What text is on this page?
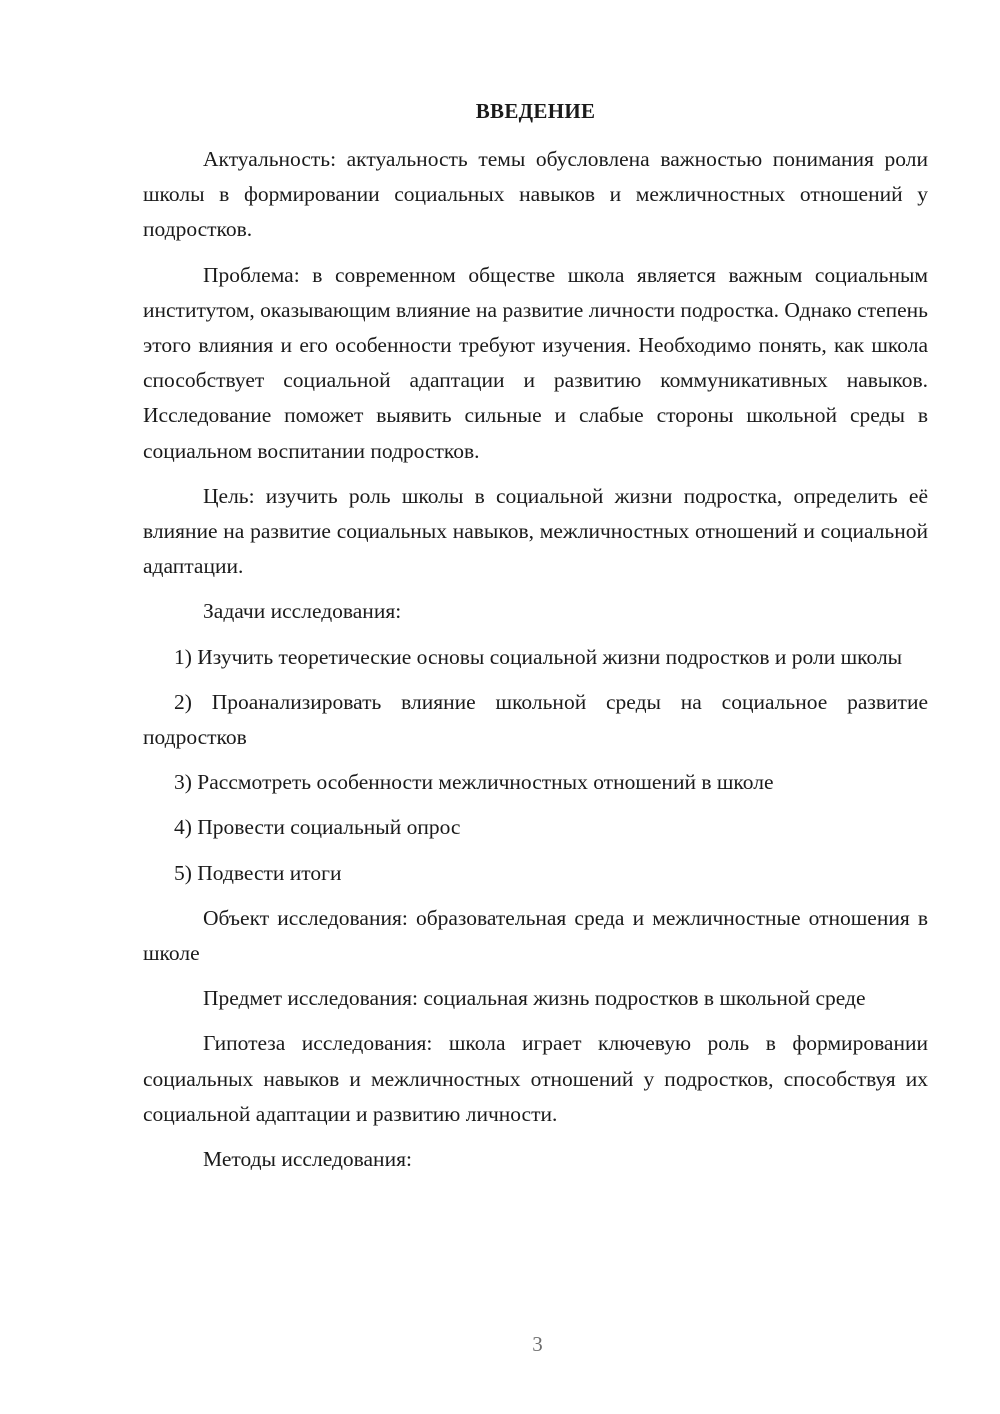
ВВЕДЕНИЕ

Актуальность: актуальность темы обусловлена важностью понимания роли школы в формировании социальных навыков и межличностных отношений у подростков.

Проблема: в современном обществе школа является важным социальным институтом, оказывающим влияние на развитие личности подростка. Однако степень этого влияния и его особенности требуют изучения. Необходимо понять, как школа способствует социальной адаптации и развитию коммуникативных навыков. Исследование поможет выявить сильные и слабые стороны школьной среды в социальном воспитании подростков.

Цель: изучить роль школы в социальной жизни подростка, определить её влияние на развитие социальных навыков, межличностных отношений и социальной адаптации.

Задачи исследования:

1) Изучить теоретические основы социальной жизни подростков и роли школы

2) Проанализировать влияние школьной среды на социальное развитие подростков

3) Рассмотреть особенности межличностных отношений в школе

4) Провести социальный опрос

5) Подвести итоги

Объект исследования: образовательная среда и межличностные отношения в школе

Предмет исследования: социальная жизнь подростков в школьной среде

Гипотеза исследования: школа играет ключевую роль в формировании социальных навыков и межличностных отношений у подростков, способствуя их социальной адаптации и развитию личности.

Методы исследования:

3
